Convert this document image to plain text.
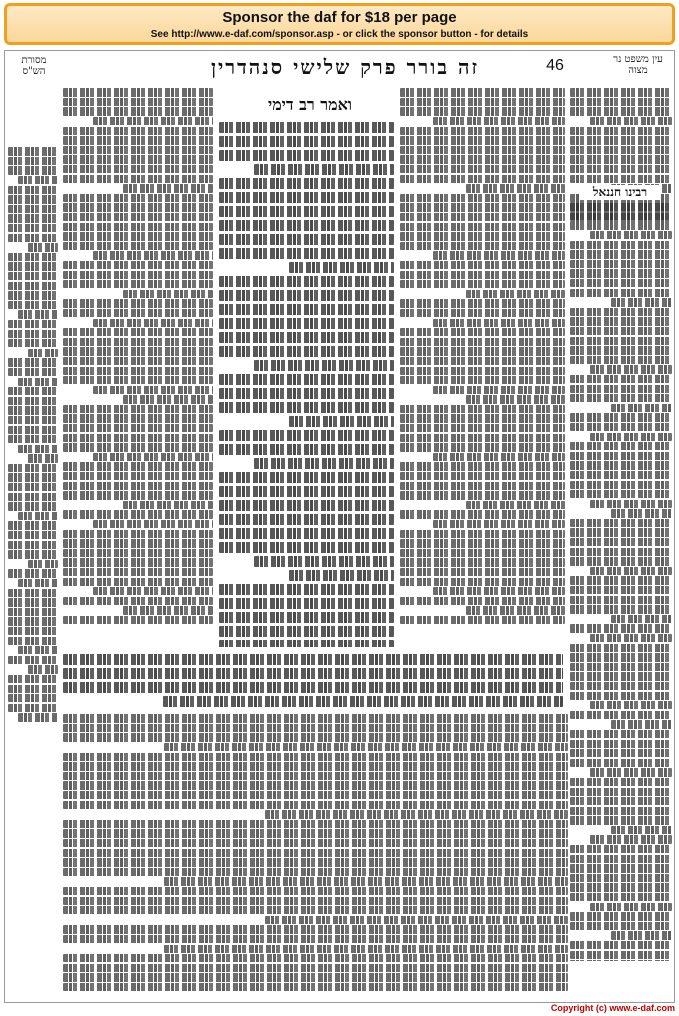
Sponsor the daf for $18 per page
See http://www.e-daf.com/sponsor.asp - or click the sponsor button - for details
זה בורר פרק שלישי סנהדרין	46	עין משפט נר מצוה
מסורת הש"ס
רבינו חננאל
ואמר רב דימי
Copyright (c) www.e-daf.com
